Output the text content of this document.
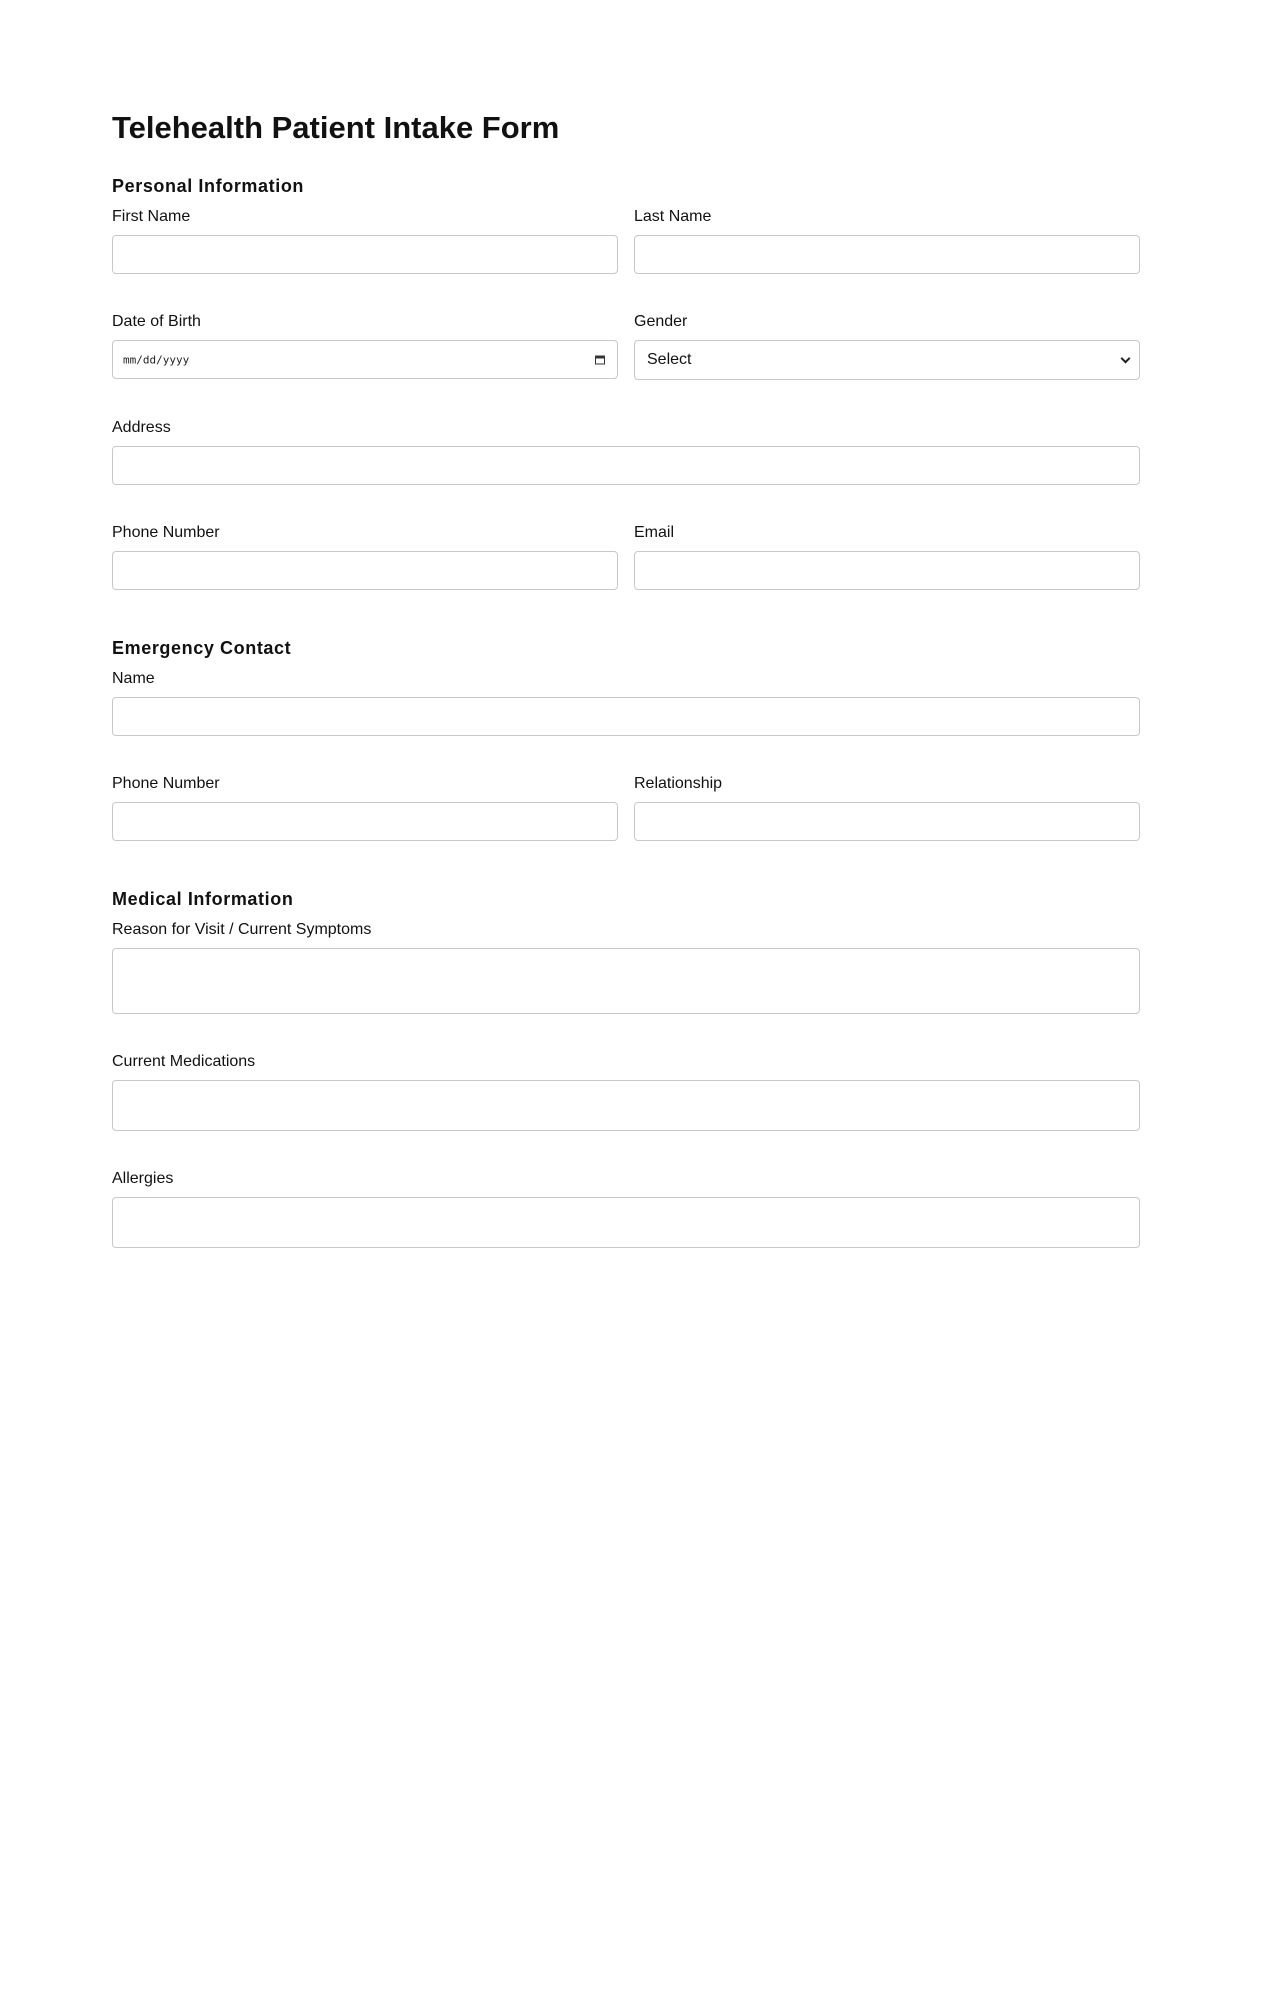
Telehealth Patient Intake Form
Personal Information
First Name	Last Name
Date of Birth	Gender
mm/dd/yyyy	Select
Address
Phone Number	Email
Emergency Contact
Name
Phone Number	Relationship
Medical Information
Reason for Visit / Current Symptoms
Current Medications
Allergies
